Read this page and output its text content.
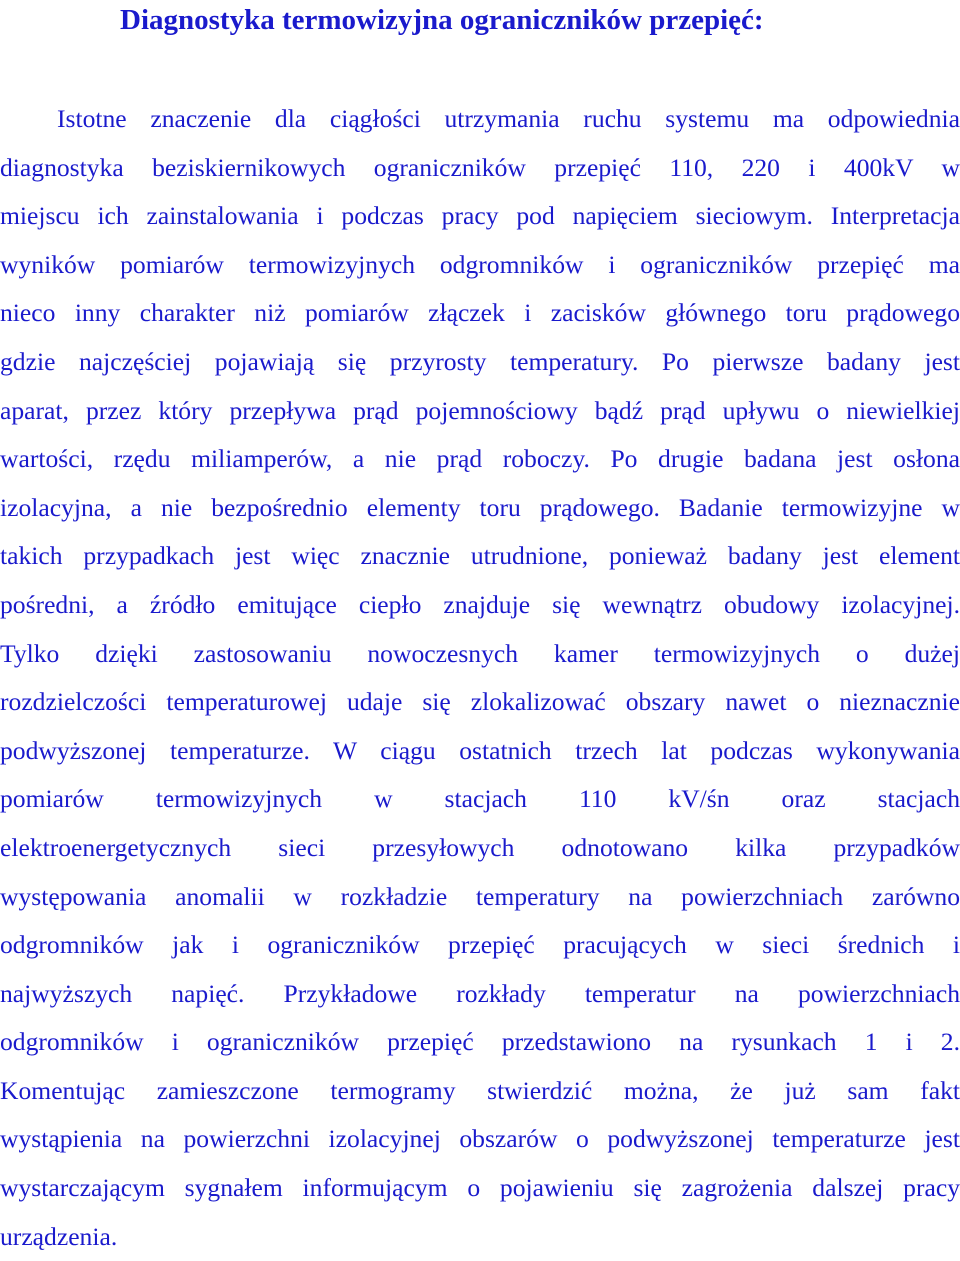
Diagnostyka termowizyjna ograniczników przepięć:
Istotne znaczenie dla ciągłości utrzymania ruchu systemu ma odpowiednia
diagnostyka beziskiernikowych ograniczników przepięć 110, 220 i 400kV w
miejscu ich zainstalowania i podczas pracy pod napięciem sieciowym. Interpretacja
wyników pomiarów termowizyjnych odgromników i ograniczników przepięć ma
nieco inny charakter niż pomiarów złączek i zacisków głównego toru prądowego
gdzie najczęściej pojawiają się przyrosty temperatury. Po pierwsze badany jest
aparat, przez który przepływa prąd pojemnościowy bądź prąd upływu o niewielkiej
wartości, rzędu miliamperów, a nie prąd roboczy. Po drugie badana jest osłona
izolacyjna, a nie bezpośrednio elementy toru prądowego. Badanie termowizyjne w
takich przypadkach jest więc znacznie utrudnione, ponieważ badany jest element
pośredni, a źródło emitujące ciepło znajduje się wewnątrz obudowy izolacyjnej.
Tylko dzięki zastosowaniu nowoczesnych kamer termowizyjnych o dużej
rozdzielczości temperaturowej udaje się zlokalizować obszary nawet o nieznacznie
podwyższonej temperaturze. W ciągu ostatnich trzech lat podczas wykonywania
pomiarów termowizyjnych w stacjach 110 kV/śn oraz stacjach
elektroenergetycznych sieci przesyłowych odnotowano kilka przypadków
występowania anomalii w rozkładzie temperatury na powierzchniach zarówno
odgromników jak i ograniczników przepięć pracujących w sieci średnich i
najwyższych napięć. Przykładowe rozkłady temperatur na powierzchniach
odgromników i ograniczników przepięć przedstawiono na rysunkach 1 i 2.
Komentując zamieszczone termogramy stwierdzić można, że już sam fakt
wystąpienia na powierzchni izolacyjnej obszarów o podwyższonej temperaturze jest
wystarczającym sygnałem informującym o pojawieniu się zagrożenia dalszej pracy
urządzenia.
